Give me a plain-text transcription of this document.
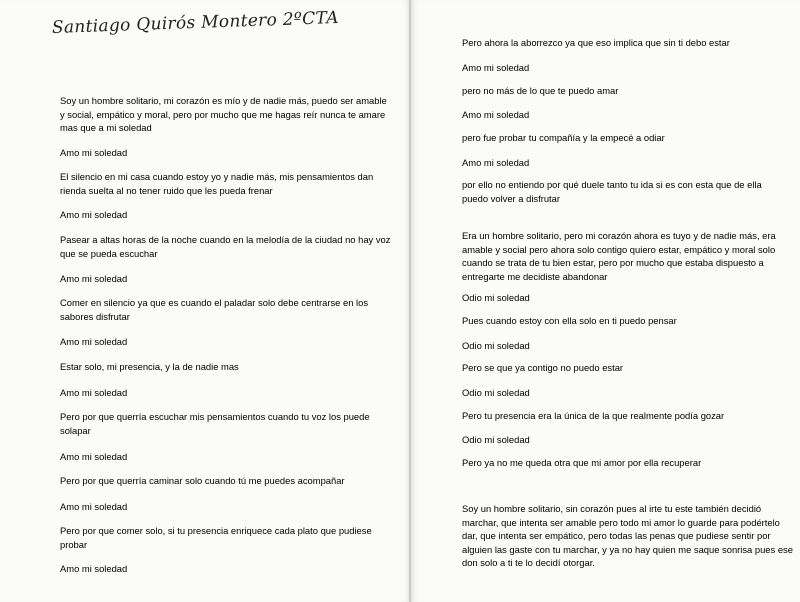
Santiago Quirós Montero 2ºCTA
Soy un hombre solitario, mi corazón es mío y de nadie más, puedo ser amable
y social, empático y moral, pero por mucho que me hagas reír nunca te amare
mas que a mi soledad
Amo mi soledad
El silencio en mi casa cuando estoy yo y nadie más, mis pensamientos dan
rienda suelta al no tener ruido que les pueda frenar
Amo mi soledad
Pasear a altas horas de la noche cuando en la melodía de la ciudad no hay voz
que se pueda escuchar
Amo mi soledad
Comer en silencio ya que es cuando el paladar solo debe centrarse en los
sabores disfrutar
Amo mi soledad
Estar solo, mi presencia, y la de nadie mas
Amo mi soledad
Pero por que querría escuchar mis pensamientos cuando tu voz los puede
solapar
Amo mi soledad
Pero por que querría caminar solo cuando tú me puedes acompañar
Amo mi soledad
Pero por que comer solo, si tu presencia enriquece cada plato que pudiese
probar
Amo mi soledad
Pero ahora la aborrezco ya que eso implica que sin ti debo estar
Amo mi soledad
pero no más de lo que te puedo amar
Amo mi soledad
pero fue probar tu compañía y la empecé a odiar
Amo mi soledad
por ello no entiendo por qué duele tanto tu ida si es con esta que de ella
puedo volver a disfrutar
Era un hombre solitario, pero mi corazón ahora es tuyo y de nadie más, era
amable y social pero ahora solo contigo quiero estar, empático y moral solo
cuando se trata de tu bien estar, pero por mucho que estaba dispuesto a
entregarte me decidiste abandonar
Odio mi soledad
Pues cuando estoy con ella solo en ti puedo pensar
Odio mi soledad
Pero se que ya contigo no puedo estar
Odio mi soledad
Pero tu presencia era la única de la que realmente podía gozar
Odio mi soledad
Pero ya no me queda otra que mi amor por ella recuperar
Soy un hombre solitario, sin corazón pues al irte tu este también decidió
marchar, que intenta ser amable pero todo mi amor lo guarde para podértelo
dar, que intenta ser empático, pero todas las penas que pudiese sentir por
alguien las gaste con tu marchar, y ya no hay quien me saque sonrisa pues ese
don solo a ti te lo decidí otorgar.
